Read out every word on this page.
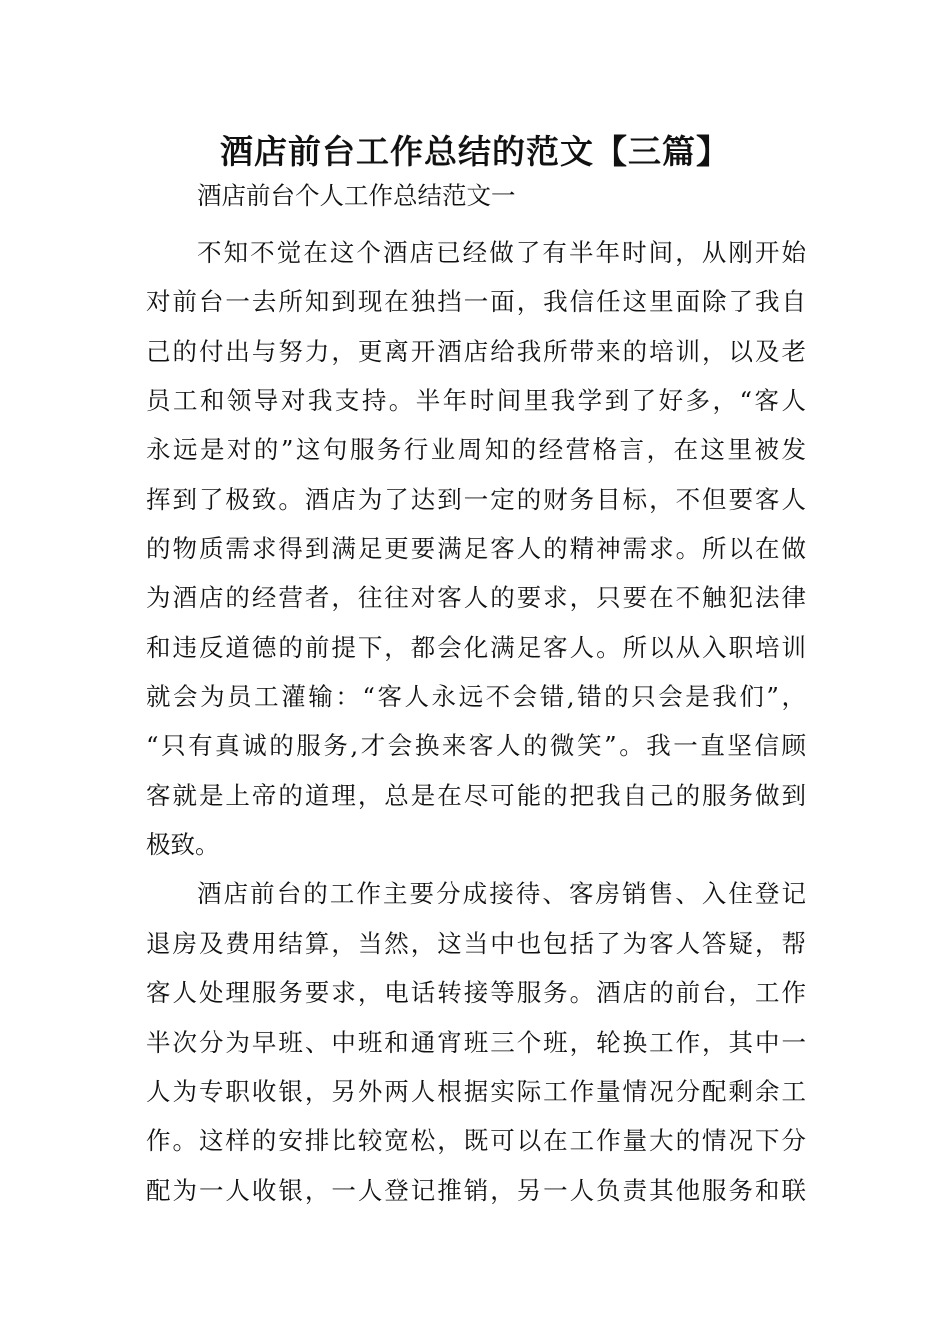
酒店前台工作总结的范文【三篇】
酒店前台个人工作总结范文一
不知不觉在这个酒店已经做了有半年时间，从刚开始
对前台一去所知到现在独挡一面，我信任这里面除了我自
己的付出与努力，更离开酒店给我所带来的培训，以及老
员工和领导对我支持。半年时间里我学到了好多，“客人
永远是对的”这句服务行业周知的经营格言，在这里被发
挥到了极致。酒店为了达到一定的财务目标，不但要客人
的物质需求得到满足更要满足客人的精神需求。所以在做
为酒店的经营者，往往对客人的要求，只要在不触犯法律
和违反道德的前提下，都会化满足客人。所以从入职培训
就会为员工灌输：“客人永远不会错,错的只会是我们”，
“只有真诚的服务,才会换来客人的微笑”。我一直坚信顾
客就是上帝的道理，总是在尽可能的把我自己的服务做到
极致。
酒店前台的工作主要分成接待、客房销售、入住登记
退房及费用结算，当然，这当中也包括了为客人答疑，帮
客人处理服务要求，电话转接等服务。酒店的前台，工作
半次分为早班、中班和通宵班三个班，轮换工作，其中一
人为专职收银，另外两人根据实际工作量情况分配剩余工
作。这样的安排比较宽松，既可以在工作量大的情况下分
配为一人收银，一人登记推销，另一人负责其他服务和联
